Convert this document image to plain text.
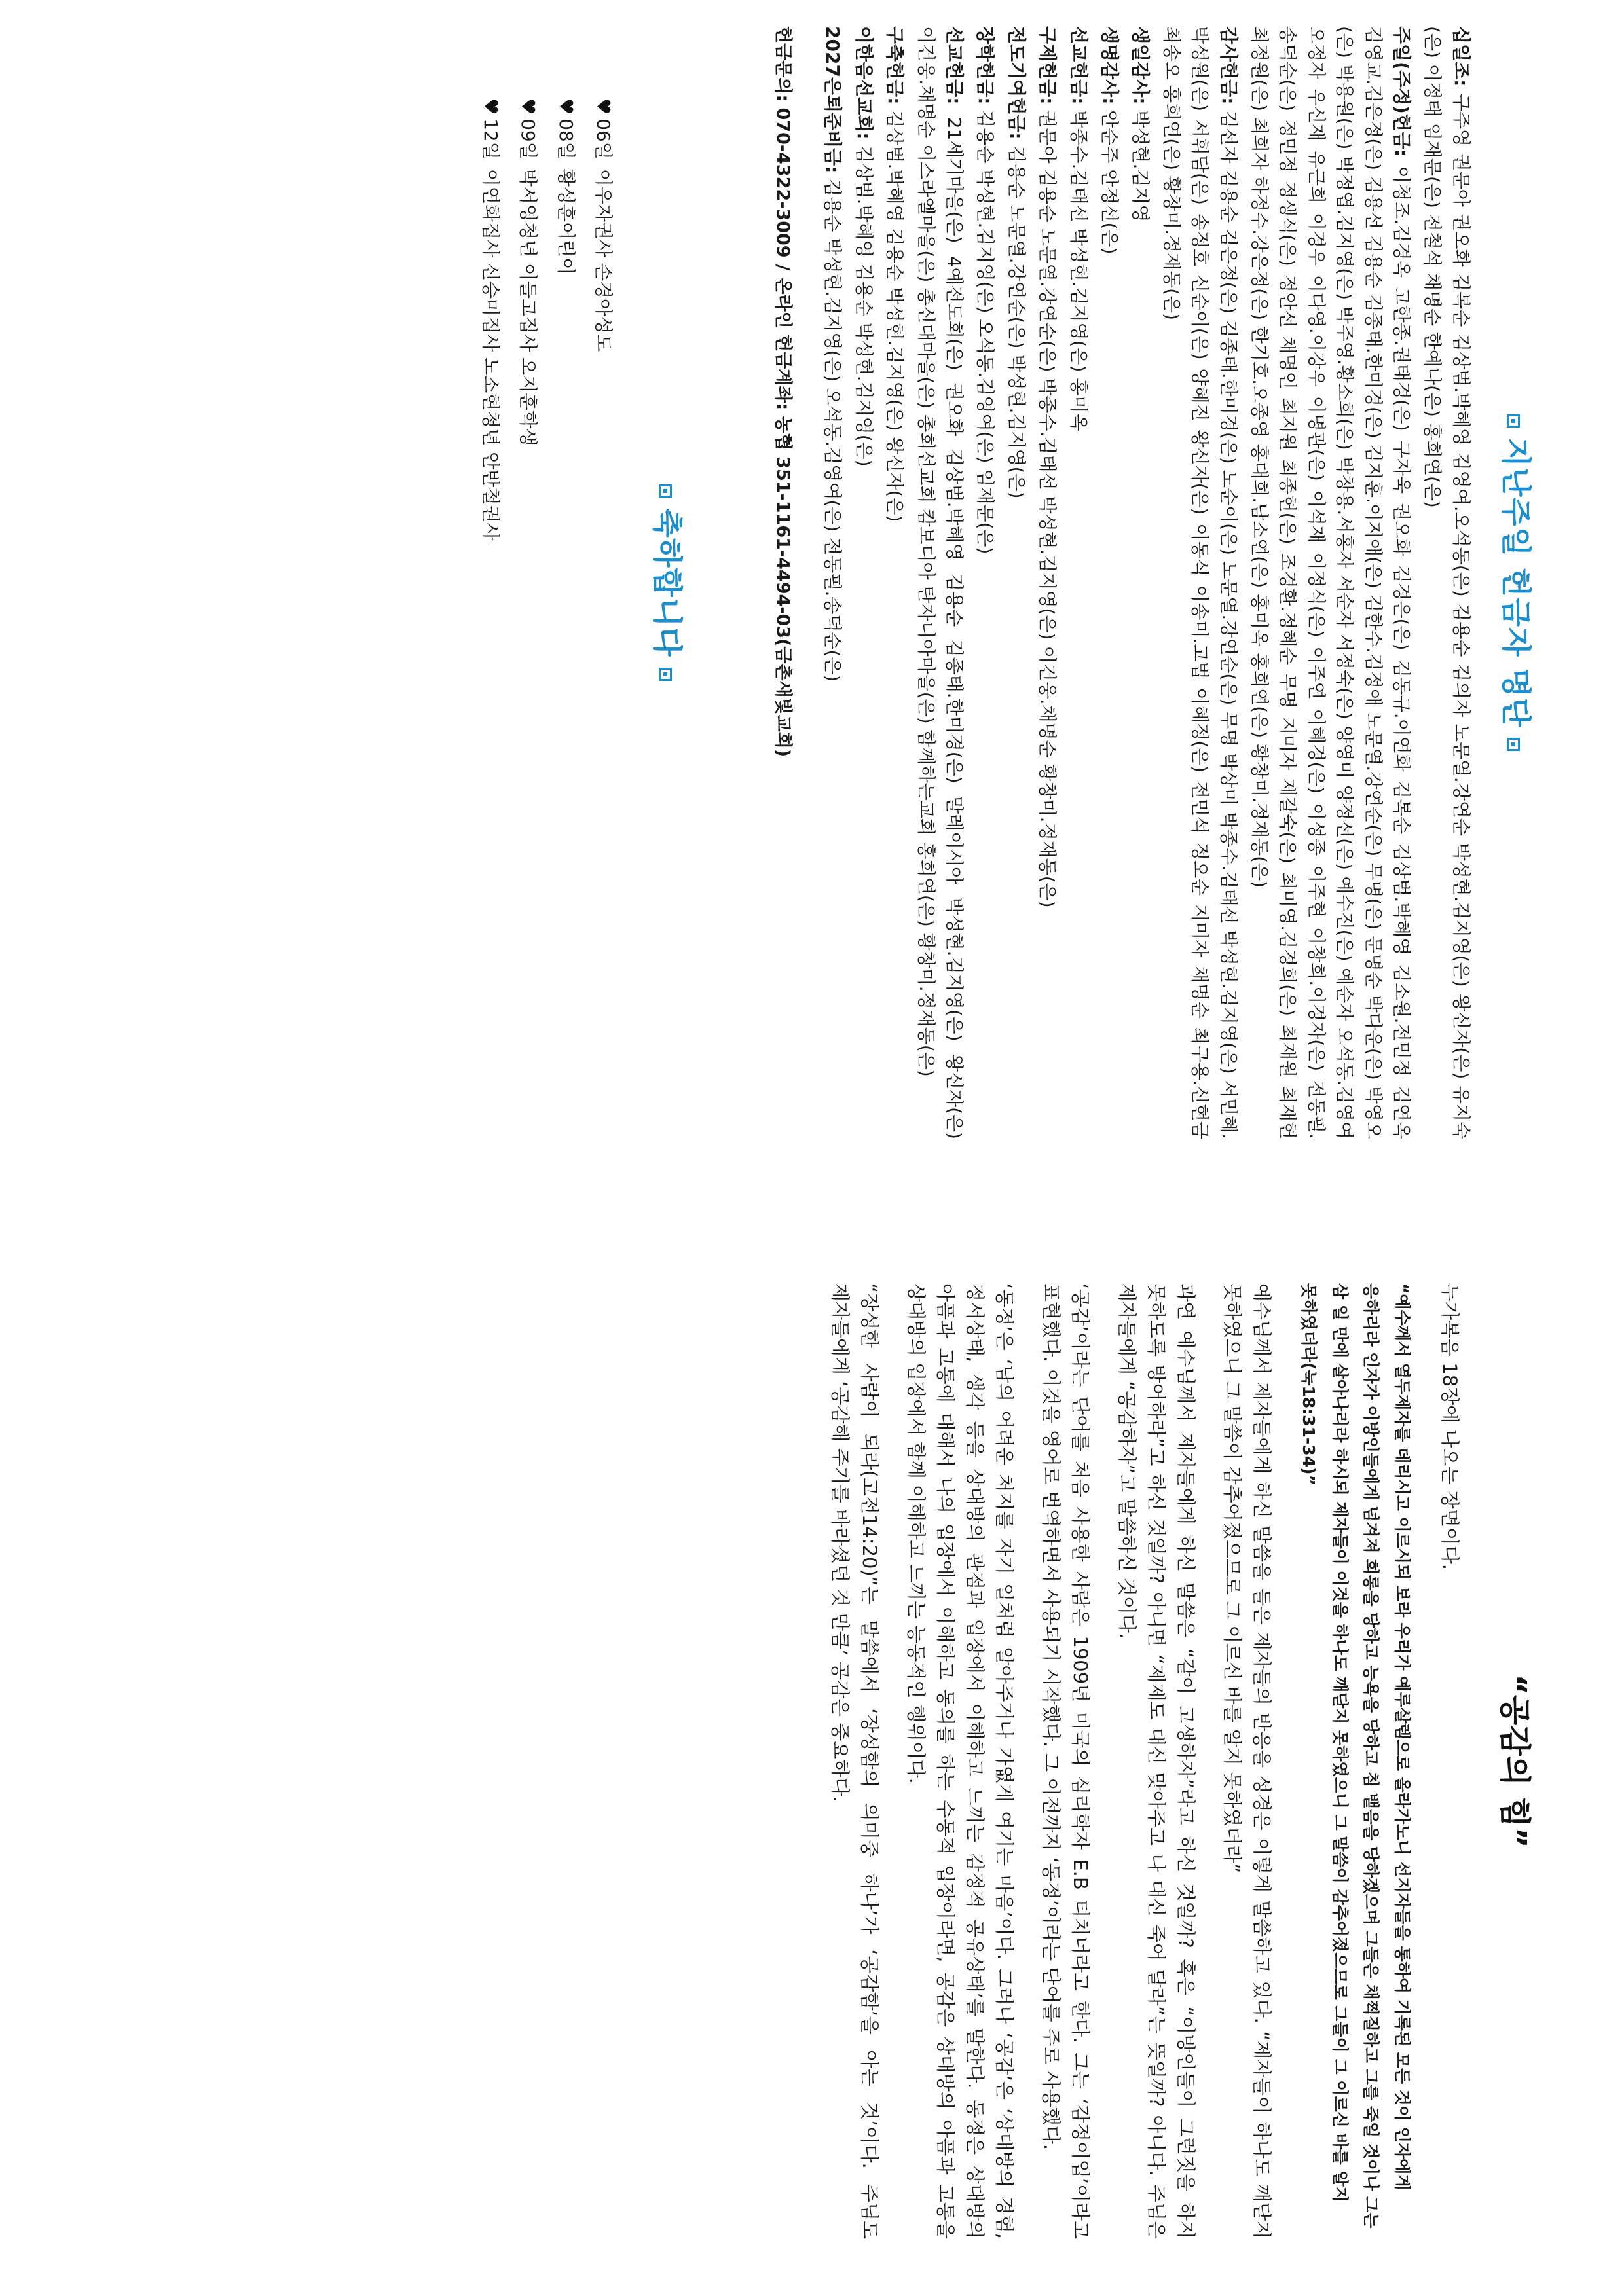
지난주일 헌금자 명단

십일조: 구주영 권문아 권오화 김복순 김상범.박혜영 김영여.오석동(은) 김용순 김의자 노문열.강연순 박성현.김지영(은) 왕신자(은) 유지숙(은) 이정태 임재문(은) 전철석 채명순 한예나(은) 홍희연(은)

주일(주정)헌금: 이청조.김경옥 고한종.권태경(은) 구자욱 권오화 김경은(은) 김동규.이연화 김복순 김상범.박혜영 김소원.전민정 김연옥 김영교.김은정(은) 김용선 김용순 김종태.한미경(은) 김지훈.이지애(은) 김한수.김정애 노문열.강연순(은) 무명(은) 문명순 박다운(은) 박영오(은) 박용원(은) 박정엽.김지영(은) 박주영.황소희(은) 박창용.서홍자 서순자 서정숙(은) 양영미 양정선(은) 예수진(은) 예순자 오석동.김영여 오정자 우신재 유근희 이경우 이다영.이강우 이명관(은) 이석재 이정식(은) 이주연 이혜경(은) 이성종 이주현 이창희.이경자(은) 전동필.송덕순(은) 정민정 정생식(은) 정안선 채명인 최지원 최종헌(은) 조경환.정혜순 무명 지미자 제갈숙(은) 최미영.김경희(은) 최재원 최재헌 최정원(은) 최희자 하정수.강은정(은) 한기호.오종영 홍대희.남소연(은) 홍미옥 홍희연(은) 황창미.정재동(은)

감사헌금: 김선자 김용순 김은정(은) 김종태.한미경(은) 노순이(은) 노문열.강연순(은) 무명 박상미 박종수.김태선 박성현.김지영(은) 서민혜.박성원(은) 서휘담(은) 송정호 신순이(은) 양혜진 왕신자(은) 이동식 이송미.고법 이혜정(은) 전민석 정오순 지미자 채명순 최구용.신현금 최송오 홍희연(은) 황창미.정재동(은)

생일감사: 박성현.김지영

생명감사: 안순주 안정선(은)

선교헌금: 박종수.김태선 박성현.김지영(은) 홍미옥

구제헌금: 권문아 김용순 노문열.강연순(은) 박종수.김태선 박성현.김지영(은) 이건웅.채명순 황창미.정재동(은)

전도기여헌금: 김용순 노문열.강연순(은) 박성현.김지영(은)

장학헌금: 김용순 박성현.김지영(은) 오석동.김영여(은) 임재문(은)

선교헌금: 21세기마을(은) 4예전도회(은) 권오화 김상범.박혜영 김용순 김종태.한미경(은) 말레이시아 박성현.김지영(은) 왕신자(은) 이건웅.채명순 이스라엘마을(은) 총신대마을(은) 총회선교회 캄보디아 탄자니아마을(은) 함께하는교회 홍희연(은) 황창미.정재동(은)

구축헌금: 김상범.박혜영 김용순 박성현.김지영(은) 왕신자(은)

이한음선교회: 김상범.박혜영 김용순 박성현.김지영(은)

2027은퇴준비금: 김용순 박성현.김지영(은) 오석동.김영여(은) 전동필.송덕순(은)

헌금문의: 070-4322-3009/온라인 헌금계좌: 농협 351-1161-4494-03(금촌새빛교회)
축하합니다
♥06일이우자권사 손경아성도
♥08일황성훈어린이
♥09일박서영청년 이들고집사 오지훈학생
♥12일이연화집사 신승미집사 노소현청년 안반철권사
“공감의 힘”

누가복음 18장에 나오는 장면이다.

“예수께서 열두제자를 데리시고 이르시되 보라 우리가 예루살렘으로 올라가노니 선지자들을 통하여 기록된 모든 것이 인자에게 응하리라 인자가 이방인들에게 넘겨져 희롱을 당하고 능욕을 당하고 침 뱉음을 당하겠으며 그들은 채찍질하고 그를 죽일 것이나 그는 삼 일 만에 살아나리라 하시되 제자들이 이것을 하나도 깨닫지 못하였으니 그 말씀이 감추어졌으므로 그들이 그 이르신 바를 알지 못하였더라(눅18:31-34)”

예수님께서 제자들에게 하신 말씀을 들은 제자들의 반응을 성경은 이렇게 말씀하고 있다. “제자들이 하나도 깨닫지 못하였으니 그 말씀이 감추어졌으므로 그 이르신 바를 알지 못하였더라”

과연 예수님께서 제자들에게 하신 말씀은 “같이 고생하자”라고 하신 것일까? 혹은 “이방인들이 그런짓을 하지 못하도록 방어하라”고 하신 것일까? 아니면 “제제도 대신 맞아주고 나 대신 죽어 달라”는 뜻일까? 아니다. 주님은 제자들에게 “공감하자”고 말씀하신 것이다.

‘공감’이라는 단어를 처음 사용한 사람은 1909년 미국의 심리학자 E.B 티치너라고 한다. 그는 ‘감정이입’이라고 표현했다. 이것을 영어로 번역하면서 사용되기 시작했다. 그 이전까지 ‘동정’이라는 단어를 주로 사용했다.

‘동정’은 ‘남의 어려운 처지를 자기 일처럼 알아주거나 가엾게 여기는 마음’이다. 그러나 ‘공감’은 ‘상대방의 경험, 정서상태, 생각 등을 상대방의 관점과 입장에서 이해하고 느끼는 감정적 공유상태’를 말한다. 동정은 상대방의 아픔과 고통에 대해서 나의 입장에서 이해하고 동의를 하는 수동적 입장이라면, 공감은 상대방의 아픔과 고통을 상대방의 입장에서 함께 이해하고 느끼는 능동적인 행위이다.

“장성한 사람이 되라(고전14:20)”는 말씀에서 ‘장성함의 의미중 하나’가 ‘공감함’을 아는 것’이다. 주님도 제자들에게 ‘공감해 주기를 바라셨던 것 만큼’ 공감은 중요하다.
